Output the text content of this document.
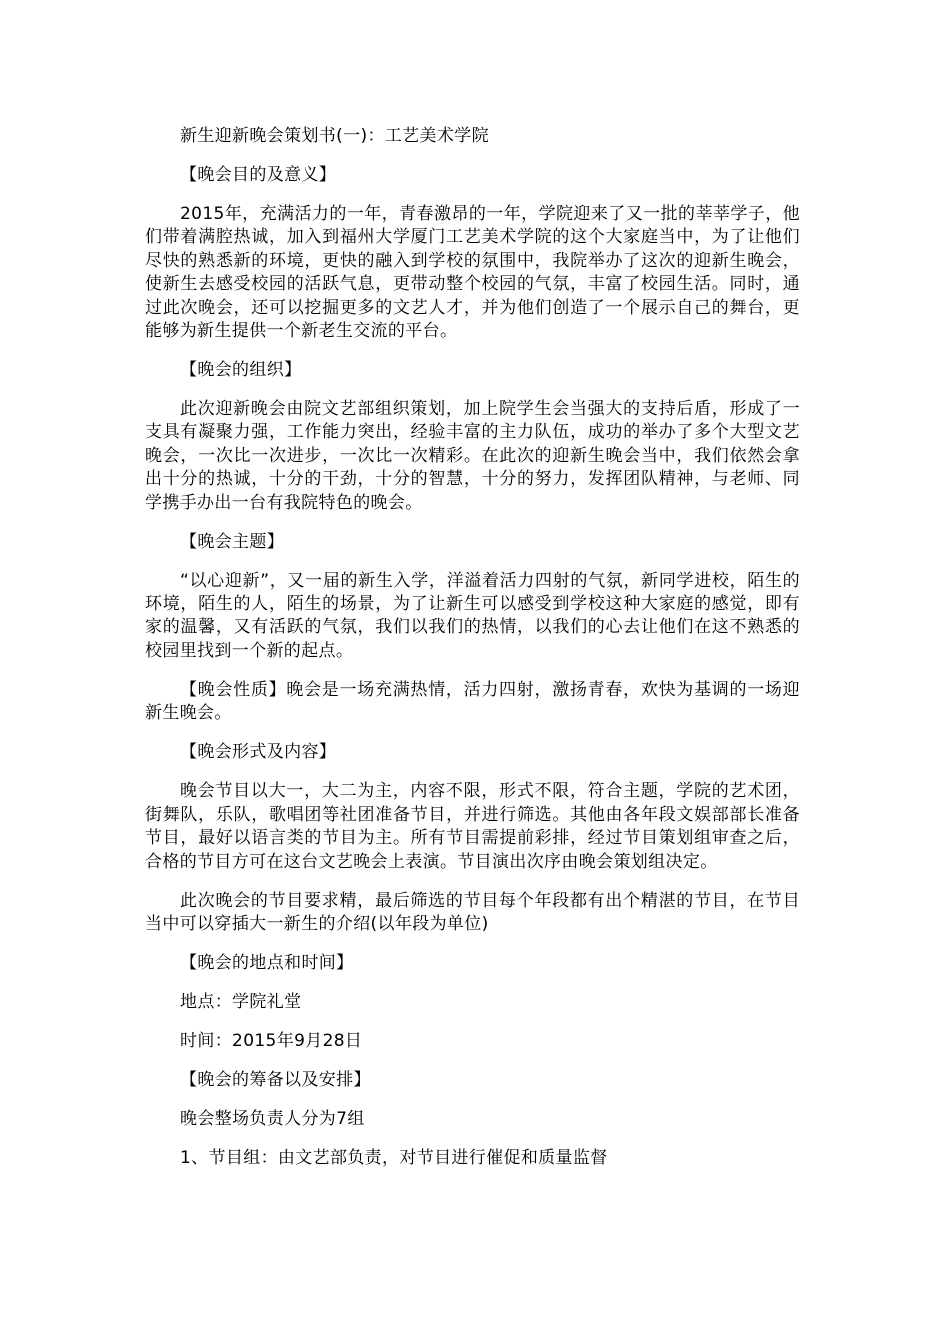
新生迎新晚会策划书(一)：工艺美术学院

【晚会目的及意义】

2015年，充满活力的一年，青春激昂的一年，学院迎来了又一批的莘莘学子，他们带着满腔热诚，加入到福州大学厦门工艺美术学院的这个大家庭当中，为了让他们尽快的熟悉新的环境，更快的融入到学校的氛围中，我院举办了这次的迎新生晚会，使新生去感受校园的活跃气息，更带动整个校园的气氛，丰富了校园生活。同时，通过此次晚会，还可以挖掘更多的文艺人才，并为他们创造了一个展示自己的舞台，更能够为新生提供一个新老生交流的平台。

【晚会的组织】

此次迎新晚会由院文艺部组织策划，加上院学生会当强大的支持后盾，形成了一支具有凝聚力强，工作能力突出，经验丰富的主力队伍，成功的举办了多个大型文艺晚会，一次比一次进步，一次比一次精彩。在此次的迎新生晚会当中，我们依然会拿出十分的热诚，十分的干劲，十分的智慧，十分的努力，发挥团队精神，与老师、同学携手办出一台有我院特色的晚会。

【晚会主题】

“以心迎新”，又一届的新生入学，洋溢着活力四射的气氛，新同学进校，陌生的环境，陌生的人，陌生的场景，为了让新生可以感受到学校这种大家庭的感觉，即有家的温馨，又有活跃的气氛，我们以我们的热情，以我们的心去让他们在这不熟悉的校园里找到一个新的起点。

【晚会性质】晚会是一场充满热情，活力四射，激扬青春，欢快为基调的一场迎新生晚会。

【晚会形式及内容】

晚会节目以大一，大二为主，内容不限，形式不限，符合主题，学院的艺术团，街舞队，乐队，歌唱团等社团准备节目，并进行筛选。其他由各年段文娱部部长准备节目，最好以语言类的节目为主。所有节目需提前彩排，经过节目策划组审查之后，合格的节目方可在这台文艺晚会上表演。节目演出次序由晚会策划组决定。

此次晚会的节目要求精，最后筛选的节目每个年段都有出个精湛的节目，在节目当中可以穿插大一新生的介绍(以年段为单位)

【晚会的地点和时间】

地点：学院礼堂

时间：2015年9月28日

【晚会的筹备以及安排】

晚会整场负责人分为7组

1、节目组：由文艺部负责，对节目进行催促和质量监督
